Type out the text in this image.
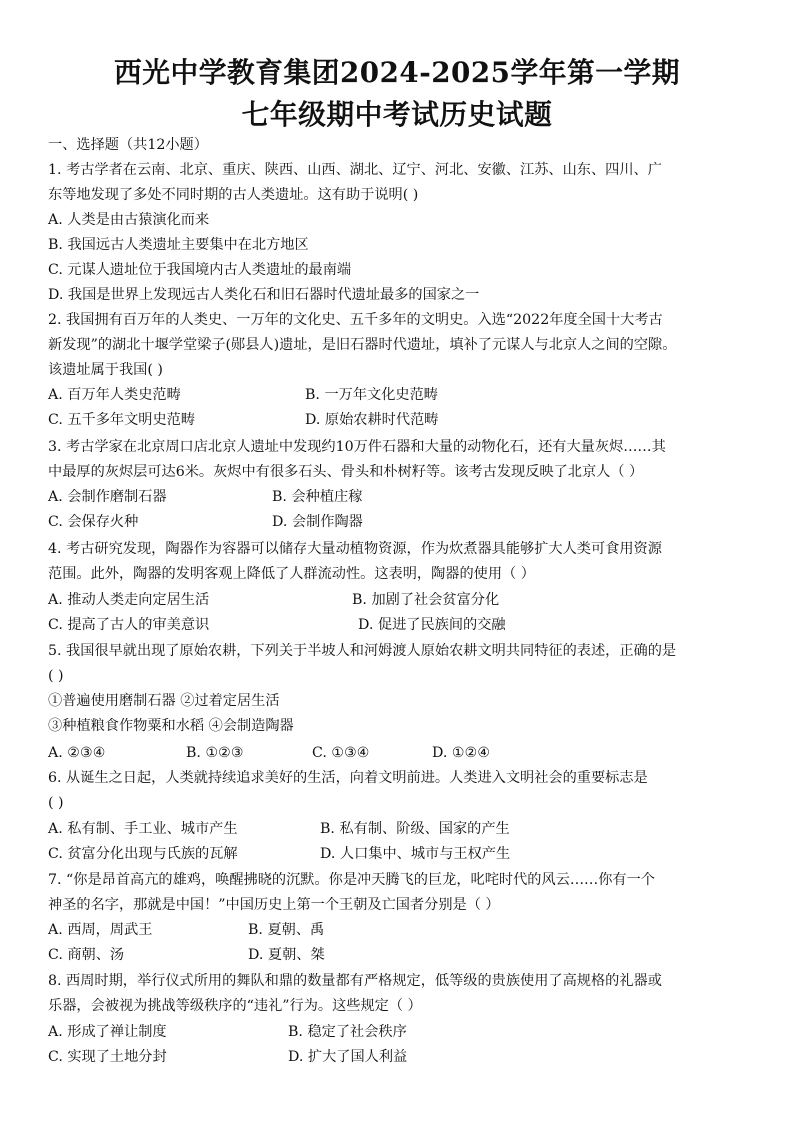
西光中学教育集团2024-2025学年第一学期
七年级期中考试历史试题
一、选择题（共12小题）
1. 考古学者在云南、北京、重庆、陕西、山西、湖北、辽宁、河北、安徽、江苏、山东、四川、广
东等地发现了多处不同时期的古人类遗址。这有助于说明( )
A. 人类是由古猿演化而来
B. 我国远古人类遗址主要集中在北方地区
C. 元谋人遗址位于我国境内古人类遗址的最南端
D. 我国是世界上发现远古人类化石和旧石器时代遗址最多的国家之一
2. 我国拥有百万年的人类史、一万年的文化史、五千多年的文明史。入选“2022年度全国十大考古
新发现”的湖北十堰学堂梁子(郧县人)遗址，是旧石器时代遗址，填补了元谋人与北京人之间的空隙。
该遗址属于我国( )
A. 百万年人类史范畴	B. 一万年文化史范畴
C. 五千多年文明史范畴	D. 原始农耕时代范畴
3. 考古学家在北京周口店北京人遗址中发现约10万件石器和大量的动物化石，还有大量灰烬……其
中最厚的灰烬层可达6米。灰烬中有很多石头、骨头和朴树籽等。该考古发现反映了北京人（ ）
A. 会制作磨制石器	B. 会种植庄稼
C. 会保存火种	D. 会制作陶器
4. 考古研究发现，陶器作为容器可以储存大量动植物资源，作为炊煮器具能够扩大人类可食用资源
范围。此外，陶器的发明客观上降低了人群流动性。这表明，陶器的使用（ ）
A. 推动人类走向定居生活	B. 加剧了社会贫富分化
C. 提高了古人的审美意识	D. 促进了民族间的交融
5. 我国很早就出现了原始农耕，下列关于半坡人和河姆渡人原始农耕文明共同特征的表述，正确的是
( )
①普遍使用磨制石器 ②过着定居生活
③种植粮食作物粟和水稻 ④会制造陶器
A. ②③④	B. ①②③	C. ①③④	D. ①②④
6. 从诞生之日起，人类就持续追求美好的生活，向着文明前进。人类进入文明社会的重要标志是
( )
A. 私有制、手工业、城市产生	B. 私有制、阶级、国家的产生
C. 贫富分化出现与氏族的瓦解	D. 人口集中、城市与王权产生
7. “你是昂首高亢的雄鸡，唤醒拂晓的沉默。你是冲天腾飞的巨龙，叱咤时代的风云……你有一个
神圣的名字，那就是中国！”中国历史上第一个王朝及亡国者分别是（ ）
A. 西周，周武王	B. 夏朝、禹
C. 商朝、汤	D. 夏朝、桀
8. 西周时期，举行仪式所用的舞队和鼎的数量都有严格规定，低等级的贵族使用了高规格的礼器或
乐器，会被视为挑战等级秩序的“违礼”行为。这些规定（ ）
A. 形成了禅让制度	B. 稳定了社会秩序
C. 实现了土地分封	D. 扩大了国人利益
